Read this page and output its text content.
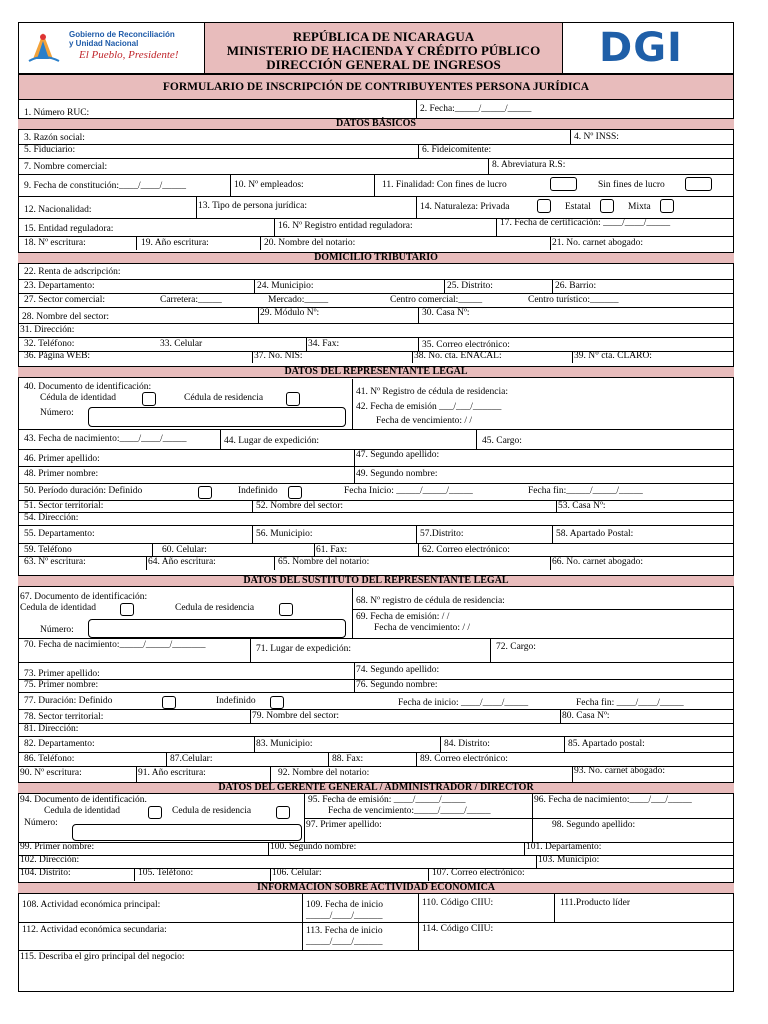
Gobierno de Reconciliación
y Unidad Nacional
El Pueblo, Presidente!
REPÚBLICA DE NICARAGUA
MINISTERIO DE HACIENDA Y CRÉDITO PÚBLICO
DIRECCIÓN GENERAL DE INGRESOS	DGI
FORMULARIO DE INSCRIPCIÓN DE CONTRIBUYENTES PERSONA JURÍDICA
1. Número RUC:	2. Fecha:_____/_____/_____
DATOS BÁSICOS
3. Razón social:	4. Nº INSS:
5. Fiduciario:	6. Fideicomitente:
7. Nombre comercial:	8. Abreviatura R.S:
9. Fecha de constitución:____/____/_____	10. Nº empleados:	11. Finalidad: Con fines de lucro	Sin fines de lucro
12. Nacionalidad:	13. Tipo de persona jurídica:	14. Naturaleza: Privada	Estatal	Mixta
15. Entidad reguladora:	16. Nº Registro entidad reguladora:	17. Fecha de certificación: ____/____/_____
18. Nº escritura:	19. Año escritura:	20. Nombre del notario:	21. No. carnet abogado:
DOMICILIO TRIBUTARIO
22. Renta de adscripción:
23. Departamento:	24. Municipio:	25. Distrito:	26. Barrio:
27. Sector comercial:	Carretera:_____	Mercado:_____	Centro comercial:_____	Centro turístico:______
28. Nombre del sector:	29. Módulo Nº:	30. Casa Nº:
31. Dirección:
32. Teléfono:	33. Celular	34. Fax:	35. Correo electrónico:
36. Página WEB:	37. No. NIS:	38. No. cta. ENACAL:	39. N° cta. CLARO:
DATOS DEL REPRESENTANTE LEGAL
40. Documento de identificación:
Cédula de identidad	Cédula de residencia
Número:
41. Nº Registro de cédula de residencia:
42. Fecha de emisión ___/___/______
Fecha de vencimiento: / /
43. Fecha de nacimiento:____/____/_____	44. Lugar de expedición:	45. Cargo:
46. Primer apellido:	47. Segundo apellido:
48. Primer nombre:	49. Segundo nombre:
50. Período duración: Definido	Indefinido	Fecha Inicio: _____/_____/_____	Fecha fin:_____/_____/_____
51. Sector territorial:	52. Nombre del sector:	53. Casa Nº:
54. Dirección:
55. Departamento:	56. Municipio:	57.Distrito:	58. Apartado Postal:
59. Teléfono	60. Celular:	61. Fax:	62. Correo electrónico:
63. Nº escritura:	64. Año escritura:	65. Nombre del notario:	66. No. carnet abogado:
DATOS DEL SUSTITUTO DEL REPRESENTANTE LEGAL
67. Documento de identificación:
Cedula de identidad	Cedula de residencia
Número:
68. Nº registro de cédula de residencia:
69. Fecha de emisión: / /
Fecha de vencimiento: / /
70. Fecha de nacimiento:_____/_____/_______	71. Lugar de expedición:	72. Cargo:
73. Primer apellido:	74. Segundo apellido:
75. Primer nombre:	76. Segundo nombre:
77. Duración: Definido	Indefinido	Fecha de inicio: ____/____/_____	Fecha fin: ____/____/_____
78. Sector territorial:	79. Nombre del sector:	80. Casa Nº:
81. Dirección:
82. Departamento:	83. Municipio:	84. Distrito:	85. Apartado postal:
86. Teléfono:	87.Celular:	88. Fax:	89. Correo electrónico:
90. Nº escritura:	91. Año escritura:	92. Nombre del notario:	93. No. carnet abogado:
DATOS DEL GERENTE GENERAL / ADMINISTRADOR / DIRECTOR
94. Documento de identificación.
Cedula de identidad	Cedula de residencia
Número:
95. Fecha de emisión: ____/_____/_____
Fecha de vencimiento:_____/_____/_____
96. Fecha de nacimiento:____/___/_____
97. Primer apellido:	98. Segundo apellido:
99. Primer nombre:	100. Segundo nombre:	101. Departamento:
102. Dirección:	103. Municipio:
104. Distrito:	105. Teléfono:	106. Celular:	107. Correo electrónico:
INFORMACION SOBRE ACTIVIDAD ECONOMICA
108. Actividad económica principal:	109. Fecha de inicio
_____/____/______
110. Código CIIU:	111.Producto líder
112. Actividad económica secundaria:	113. Fecha de inicio
_____/____/______
114. Código CIIU:
115. Describa el giro principal del negocio:
